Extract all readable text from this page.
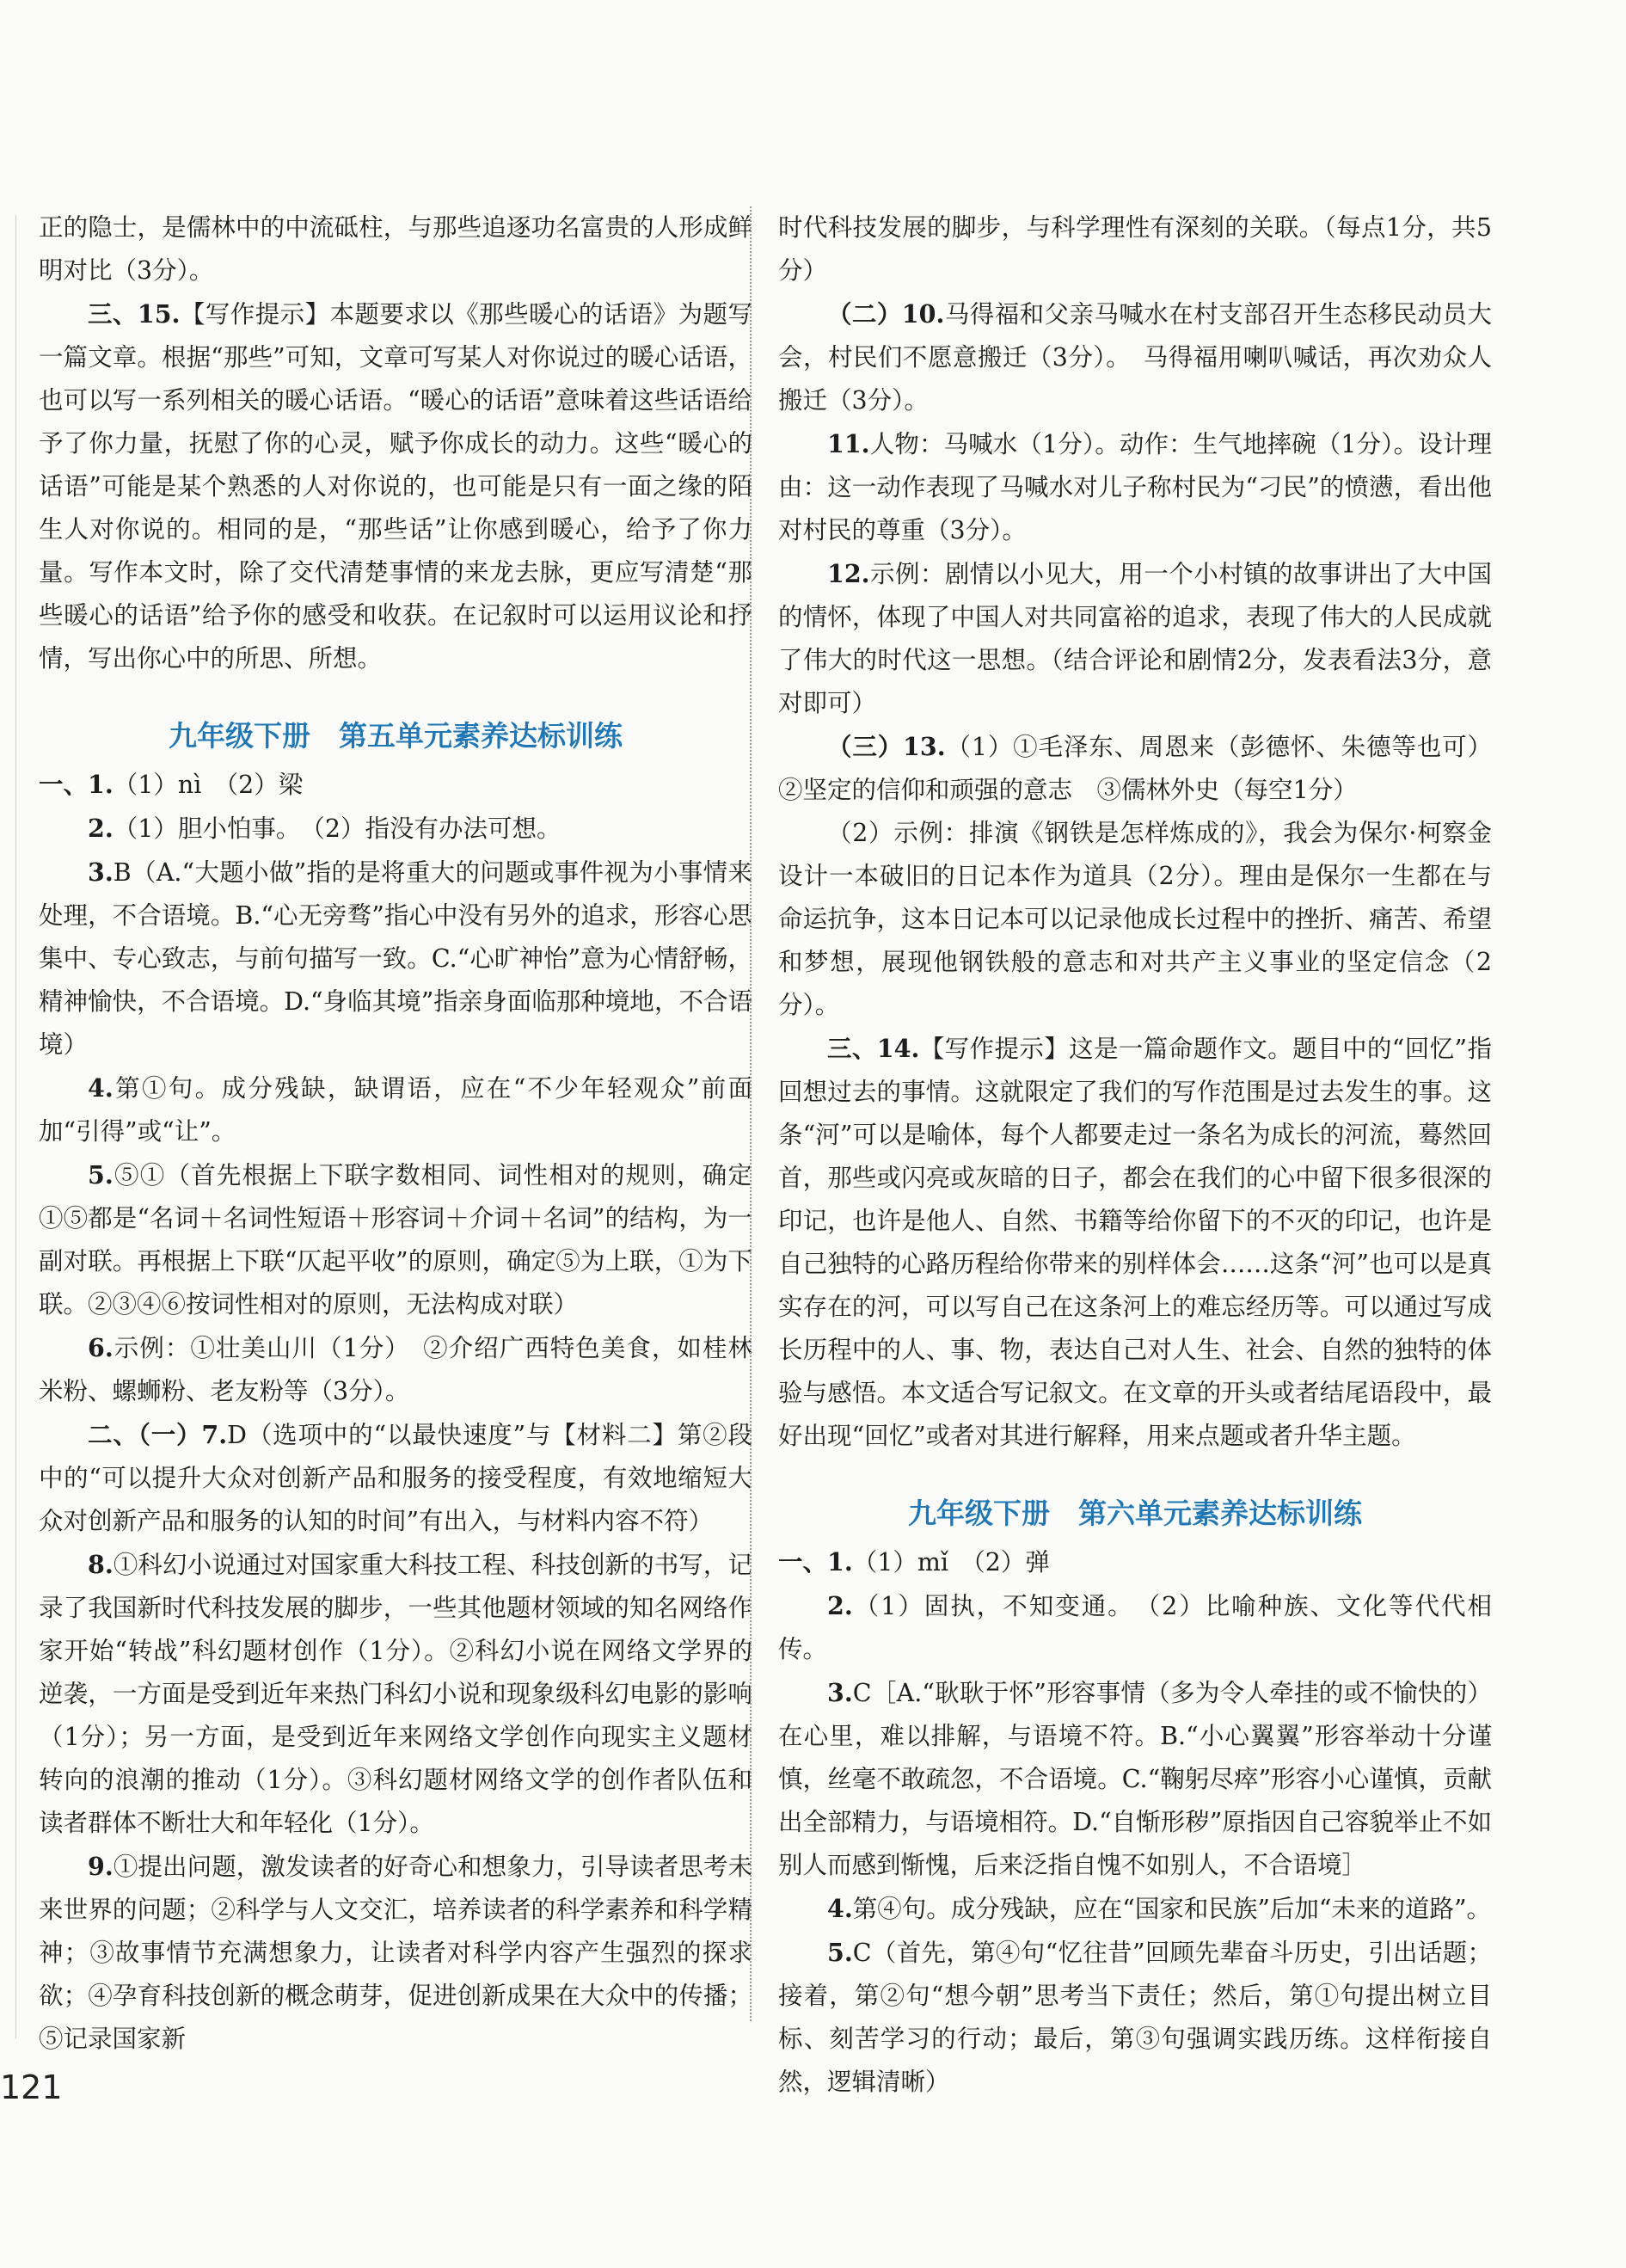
正的隐士，是儒林中的中流砥柱，与那些追逐功名富贵的人形成鲜明对比（3分）。

三、15.【写作提示】本题要求以《那些暖心的话语》为题写一篇文章。根据“那些”可知，文章可写某人对你说过的暖心话语，也可以写一系列相关的暖心话语。“暖心的话语”意味着这些话语给予了你力量，抚慰了你的心灵，赋予你成长的动力。这些“暖心的话语”可能是某个熟悉的人对你说的，也可能是只有一面之缘的陌生人对你说的。相同的是，“那些话”让你感到暖心，给予了你力量。写作本文时，除了交代清楚事情的来龙去脉，更应写清楚“那些暖心的话语”给予你的感受和收获。在记叙时可以运用议论和抒情，写出你心中的所思、所想。

九年级下册　第五单元素养达标训练

一、1.（1）nì　（2）梁

2.（1）胆小怕事。　（2）指没有办法可想。

3.B（A.“大题小做”指的是将重大的问题或事件视为小事情来处理，不合语境。B.“心无旁骛”指心中没有另外的追求，形容心思集中、专心致志，与前句描写一致。C.“心旷神怡”意为心情舒畅，精神愉快，不合语境。D.“身临其境”指亲身面临那种境地，不合语境）

4.第①句。成分残缺，缺谓语，应在“不少年轻观众”前面加“引得”或“让”。

5.⑤①（首先根据上下联字数相同、词性相对的规则，确定①⑤都是“名词＋名词性短语＋形容词＋介词＋名词”的结构，为一副对联。再根据上下联“仄起平收”的原则，确定⑤为上联，①为下联。②③④⑥按词性相对的原则，无法构成对联）

6.示例：①壮美山川（1分）　②介绍广西特色美食，如桂林米粉、螺蛳粉、老友粉等（3分）。

二、（一）7.D（选项中的“以最快速度”与【材料二】第②段中的“可以提升大众对创新产品和服务的接受程度，有效地缩短大众对创新产品和服务的认知的时间”有出入，与材料内容不符）

8.①科幻小说通过对国家重大科技工程、科技创新的书写，记录了我国新时代科技发展的脚步，一些其他题材领域的知名网络作家开始“转战”科幻题材创作（1分）。②科幻小说在网络文学界的逆袭，一方面是受到近年来热门科幻小说和现象级科幻电影的影响（1分）；另一方面，是受到近年来网络文学创作向现实主义题材转向的浪潮的推动（1分）。③科幻题材网络文学的创作者队伍和读者群体不断壮大和年轻化（1分）。

9.①提出问题，激发读者的好奇心和想象力，引导读者思考未来世界的问题；②科学与人文交汇，培养读者的科学素养和科学精神；③故事情节充满想象力，让读者对科学内容产生强烈的探求欲；④孕育科技创新的概念萌芽，促进创新成果在大众中的传播；⑤记录国家新

时代科技发展的脚步，与科学理性有深刻的关联。（每点1分，共5分）

（二）10.马得福和父亲马喊水在村支部召开生态移民动员大会，村民们不愿意搬迁（3分）。　马得福用喇叭喊话，再次劝众人搬迁（3分）。

11.人物：马喊水（1分）。动作：生气地摔碗（1分）。设计理由：这一动作表现了马喊水对儿子称村民为“刁民”的愤懑，看出他对村民的尊重（3分）。

12.示例：剧情以小见大，用一个小村镇的故事讲出了大中国的情怀，体现了中国人对共同富裕的追求，表现了伟大的人民成就了伟大的时代这一思想。（结合评论和剧情2分，发表看法3分，意对即可）

（三）13.（1）①毛泽东、周恩来（彭德怀、朱德等也可）②坚定的信仰和顽强的意志　③儒林外史（每空1分）

（2）示例：排演《钢铁是怎样炼成的》，我会为保尔·柯察金设计一本破旧的日记本作为道具（2分）。理由是保尔一生都在与命运抗争，这本日记本可以记录他成长过程中的挫折、痛苦、希望和梦想，展现他钢铁般的意志和对共产主义事业的坚定信念（2分）。

三、14.【写作提示】这是一篇命题作文。题目中的“回忆”指回想过去的事情。这就限定了我们的写作范围是过去发生的事。这条“河”可以是喻体，每个人都要走过一条名为成长的河流，蓦然回首，那些或闪亮或灰暗的日子，都会在我们的心中留下很多很深的印记，也许是他人、自然、书籍等给你留下的不灭的印记，也许是自己独特的心路历程给你带来的别样体会……这条“河”也可以是真实存在的河，可以写自己在这条河上的难忘经历等。可以通过写成长历程中的人、事、物，表达自己对人生、社会、自然的独特的体验与感悟。本文适合写记叙文。在文章的开头或者结尾语段中，最好出现“回忆”或者对其进行解释，用来点题或者升华主题。

九年级下册　第六单元素养达标训练

一、1.（1）mǐ　（2）弹

2.（1）固执，不知变通。　（2）比喻种族、文化等代代相传。

3.C［A.“耿耿于怀”形容事情（多为令人牵挂的或不愉快的）在心里，难以排解，与语境不符。B.“小心翼翼”形容举动十分谨慎，丝毫不敢疏忽，不合语境。C.“鞠躬尽瘁”形容小心谨慎，贡献出全部精力，与语境相符。D.“自惭形秽”原指因自己容貌举止不如别人而感到惭愧，后来泛指自愧不如别人，不合语境］

4.第④句。成分残缺，应在“国家和民族”后加“未来的道路”。

5.C（首先，第④句“忆往昔”回顾先辈奋斗历史，引出话题；接着，第②句“想今朝”思考当下责任；然后，第①句提出树立目标、刻苦学习的行动；最后，第③句强调实践历练。这样衔接自然，逻辑清晰）

121
